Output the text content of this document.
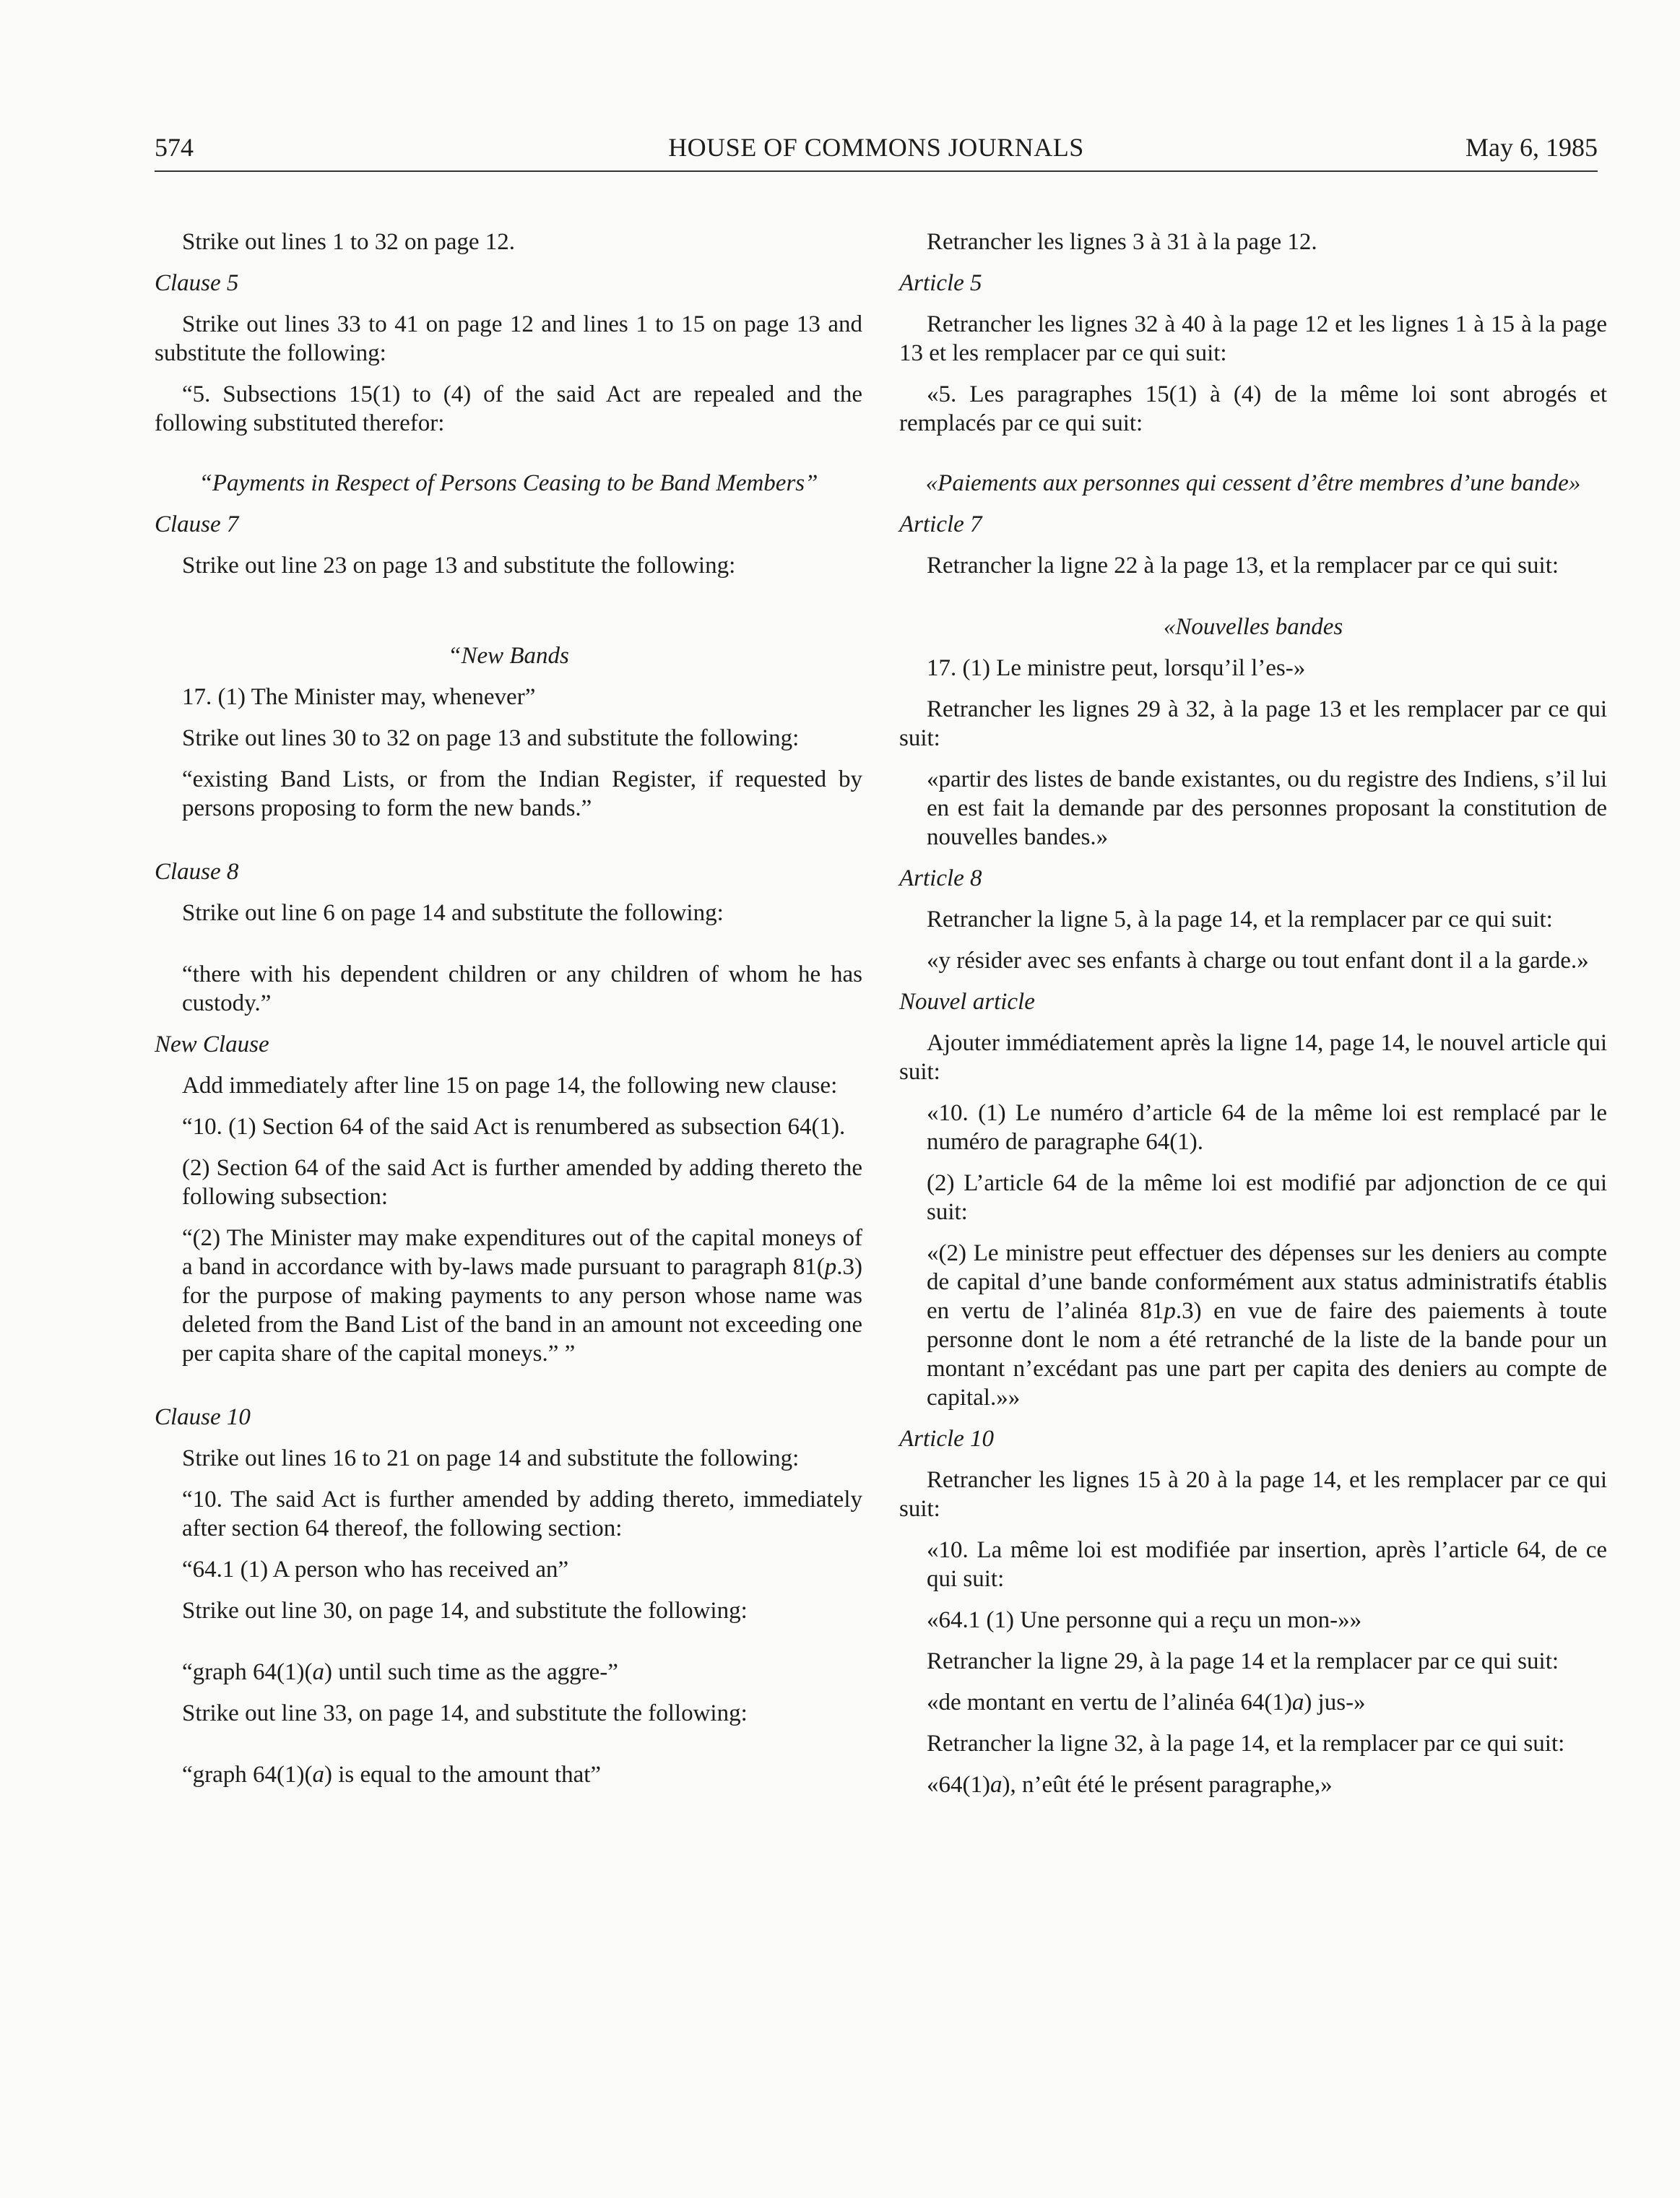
574	HOUSE OF COMMONS JOURNALS	May 6, 1985

Strike out lines 1 to 32 on page 12.

Clause 5

Strike out lines 33 to 41 on page 12 and lines 1 to 15 on page 13 and substitute the following:

“5. Subsections 15(1) to (4) of the said Act are repealed and the following substituted therefor:

“Payments in Respect of Persons Ceasing to be Band Members”

Clause 7

Strike out line 23 on page 13 and substitute the following:

“New Bands

17. (1) The Minister may, whenever”

Strike out lines 30 to 32 on page 13 and substitute the following:

“existing Band Lists, or from the Indian Register, if requested by persons proposing to form the new bands.”

Clause 8

Strike out line 6 on page 14 and substitute the following:

“there with his dependent children or any children of whom he has custody.”

New Clause

Add immediately after line 15 on page 14, the following new clause:

“10. (1) Section 64 of the said Act is renumbered as subsection 64(1).

(2) Section 64 of the said Act is further amended by adding thereto the following subsection:

“(2) The Minister may make expenditures out of the capital moneys of a band in accordance with by-laws made pursuant to paragraph 81(p.3) for the purpose of making payments to any person whose name was deleted from the Band List of the band in an amount not exceeding one per capita share of the capital moneys.” ”

Clause 10

Strike out lines 16 to 21 on page 14 and substitute the following:

“10. The said Act is further amended by adding thereto, immediately after section 64 thereof, the following section:

“64.1 (1) A person who has received an”

Strike out line 30, on page 14, and substitute the following:

“graph 64(1)(a) until such time as the aggre-”

Strike out line 33, on page 14, and substitute the following:

“graph 64(1)(a) is equal to the amount that”

Retrancher les lignes 3 à 31 à la page 12.

Article 5

Retrancher les lignes 32 à 40 à la page 12 et les lignes 1 à 15 à la page 13 et les remplacer par ce qui suit:

«5. Les paragraphes 15(1) à (4) de la même loi sont abrogés et remplacés par ce qui suit:

«Paiements aux personnes qui cessent d’être membres d’une bande»

Article 7

Retrancher la ligne 22 à la page 13, et la remplacer par ce qui suit:

«Nouvelles bandes

17. (1) Le ministre peut, lorsqu’il l’es-»

Retrancher les lignes 29 à 32, à la page 13 et les remplacer par ce qui suit:

«partir des listes de bande existantes, ou du registre des Indiens, s’il lui en est fait la demande par des personnes proposant la constitution de nouvelles bandes.»

Article 8

Retrancher la ligne 5, à la page 14, et la remplacer par ce qui suit:

«y résider avec ses enfants à charge ou tout enfant dont il a la garde.»

Nouvel article

Ajouter immédiatement après la ligne 14, page 14, le nouvel article qui suit:

«10. (1) Le numéro d’article 64 de la même loi est remplacé par le numéro de paragraphe 64(1).

(2) L’article 64 de la même loi est modifié par adjonction de ce qui suit:

«(2) Le ministre peut effectuer des dépenses sur les deniers au compte de capital d’une bande conformément aux status administratifs établis en vertu de l’alinéa 81p.3) en vue de faire des paiements à toute personne dont le nom a été retranché de la liste de la bande pour un montant n’excédant pas une part per capita des deniers au compte de capital.»»

Article 10

Retrancher les lignes 15 à 20 à la page 14, et les remplacer par ce qui suit:

«10. La même loi est modifiée par insertion, après l’article 64, de ce qui suit:

«64.1 (1) Une personne qui a reçu un mon-»»

Retrancher la ligne 29, à la page 14 et la remplacer par ce qui suit:

«de montant en vertu de l’alinéa 64(1)a) jus-»

Retrancher la ligne 32, à la page 14, et la remplacer par ce qui suit:

«64(1)a), n’eût été le présent paragraphe,»
